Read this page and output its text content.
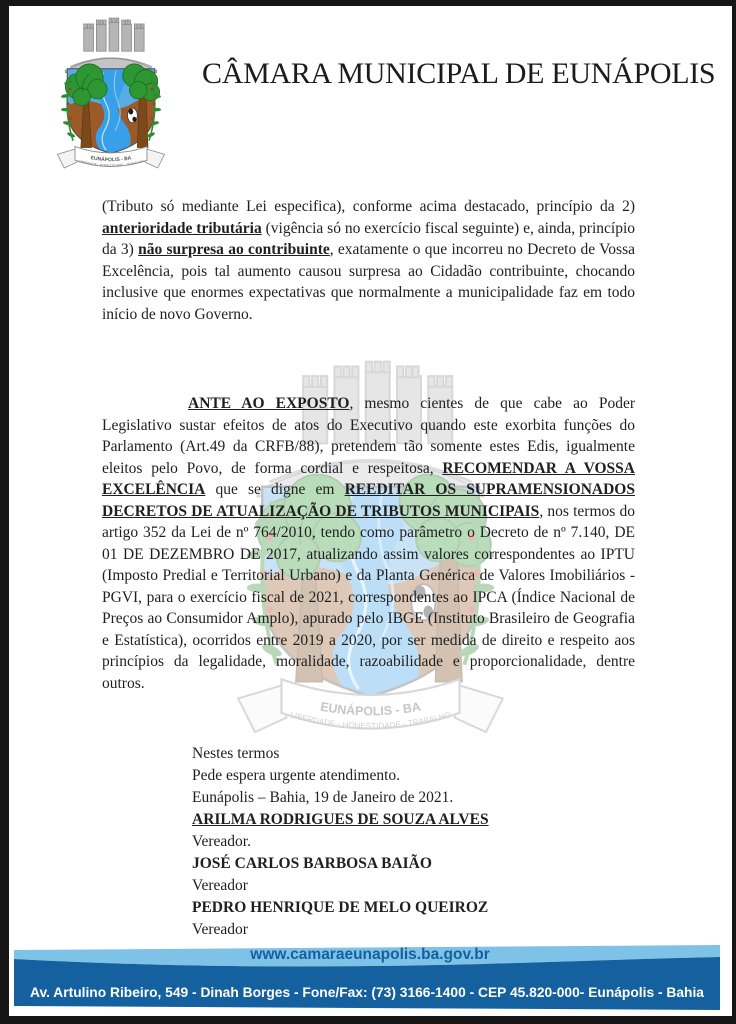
CÂMARA MUNICIPAL DE EUNÁPOLIS
(Tributo só mediante Lei especifica), conforme acima destacado, princípio da 2) anterioridade tributária (vigência só no exercício fiscal seguinte) e, ainda, princípio da 3) não surpresa ao contribuinte, exatamente o que incorreu no Decreto de Vossa Excelência, pois tal aumento causou surpresa ao Cidadão contribuinte, chocando inclusive que enormes expectativas que normalmente a municipalidade faz em todo início de novo Governo.
ANTE AO EXPOSTO, mesmo cientes de que cabe ao Poder Legislativo sustar efeitos de atos do Executivo quando este exorbita funções do Parlamento (Art.49 da CRFB/88), pretendem tão somente estes Edis, igualmente eleitos pelo Povo, de forma cordial e respeitosa, RECOMENDAR A VOSSA EXCELÊNCIA que se digne em REEDITAR OS SUPRAMENSIONADOS DECRETOS DE ATUALIZAÇÃO DE TRIBUTOS MUNICIPAIS, nos termos do artigo 352 da Lei de nº 764/2010, tendo como parâmetro o Decreto de nº 7.140, DE 01 DE DEZEMBRO DE 2017, atualizando assim valores correspondentes ao IPTU (Imposto Predial e Territorial Urbano) e da Planta Genérica de Valores Imobiliários - PGVI, para o exercício fiscal de 2021, correspondentes ao IPCA (Índice Nacional de Preços ao Consumidor Amplo), apurado pelo IBGE (Instituto Brasileiro de Geografia e Estatística), ocorridos entre 2019 a 2020, por ser medida de direito e respeito aos princípios da legalidade, moralidade, razoabilidade e proporcionalidade, dentre outros.
Nestes termos
Pede espera urgente atendimento.
Eunápolis – Bahia, 19 de Janeiro de 2021.
ARILMA RODRIGUES DE SOUZA ALVES
Vereador.
JOSÉ CARLOS BARBOSA BAIÃO
Vereador
PEDRO HENRIQUE DE MELO QUEIROZ
Vereador
www.camaraeunapolis.ba.gov.br
Av. Artulino Ribeiro, 549 - Dinah Borges - Fone/Fax: (73) 3166-1400 - CEP 45.820-000- Eunápolis - Bahia
